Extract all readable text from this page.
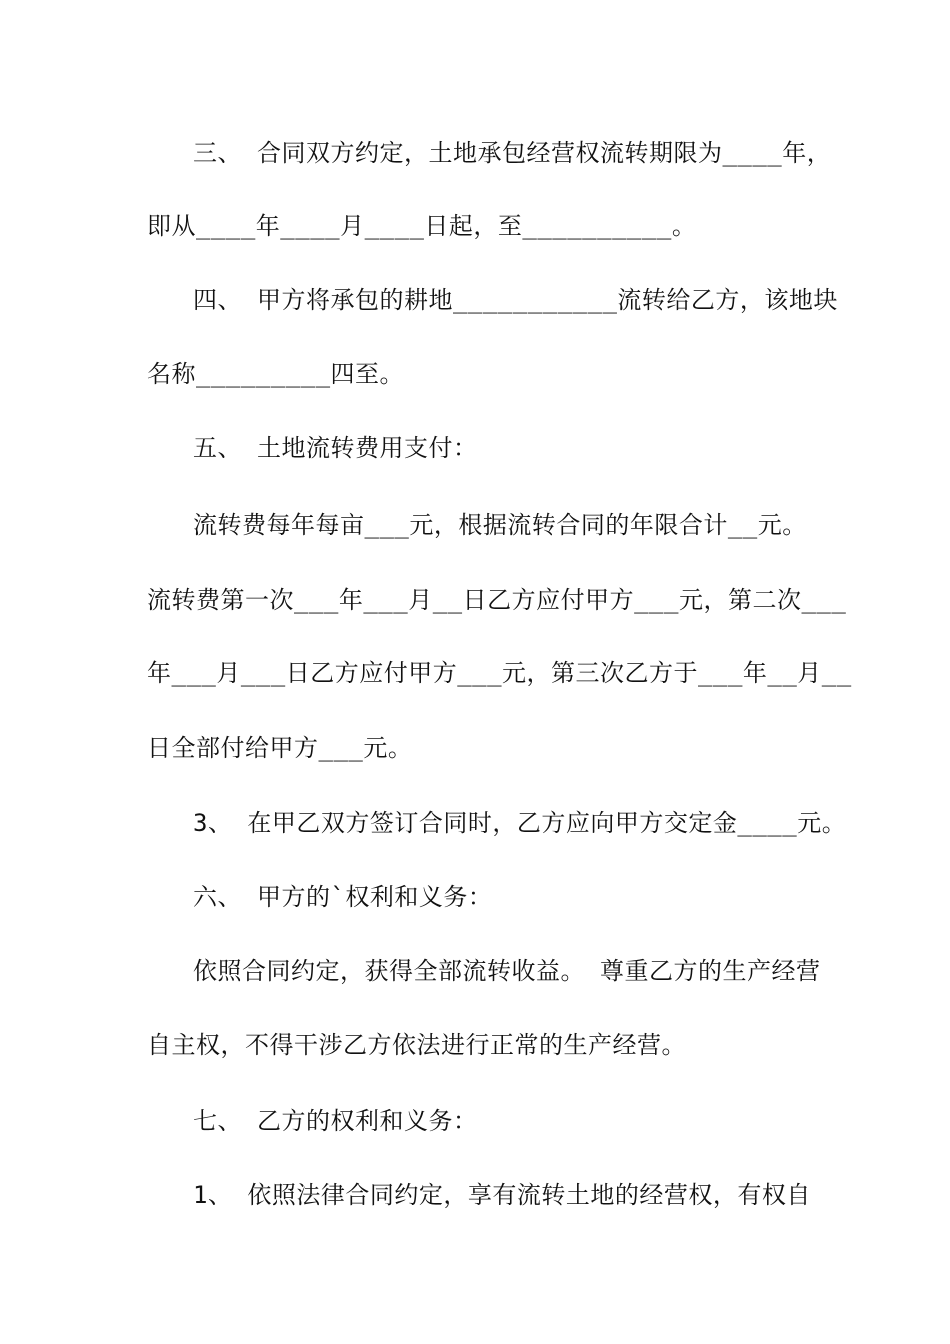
三、 合同双方约定，土地承包经营权流转期限为____年，
即从____年____月____日起，至__________。
四、 甲方将承包的耕地___________流转给乙方，该地块
名称_________四至。
五、 土地流转费用支付：
流转费每年每亩___元，根据流转合同的年限合计__元。
流转费第一次___年___月__日乙方应付甲方___元，第二次___
年___月___日乙方应付甲方___元，第三次乙方于___年__月__
日全部付给甲方___元。
3、 在甲乙双方签订合同时，乙方应向甲方交定金____元。
六、 甲方的`权利和义务：
依照合同约定，获得全部流转收益。 尊重乙方的生产经营
自主权，不得干涉乙方依法进行正常的生产经营。
七、 乙方的权利和义务：
1、 依照法律合同约定，享有流转土地的经营权，有权自
